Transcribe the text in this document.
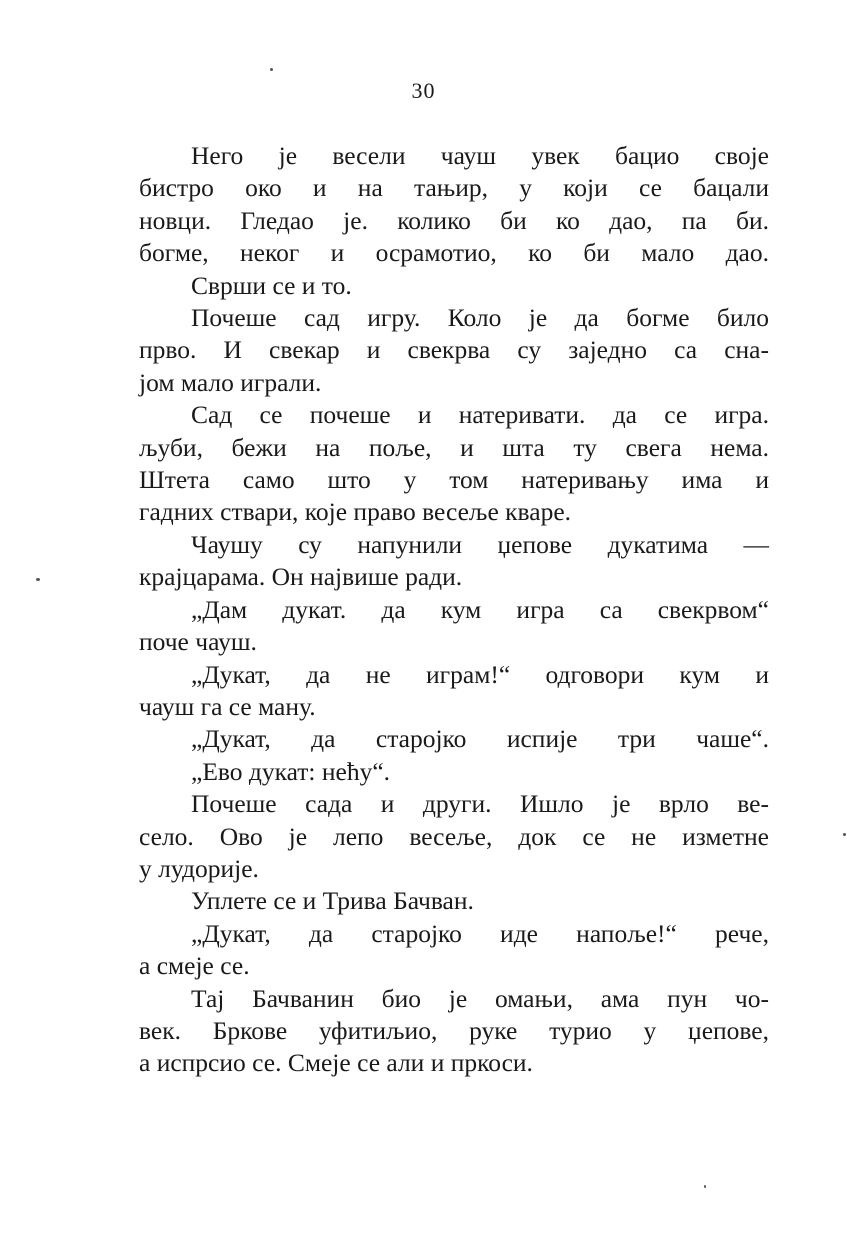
30
Него је весели чауш увек бацио своје
бистро око и на тањир, у који се бацали
новци. Гледао је. колико би ко дао, па би.
богме, неког и осрамотио, ко би мало дао.
Сврши се и то.
Почеше сад игру. Коло је да богме било
прво. И свекар и свекрва су заједно са сна-
јом мало играли.
Сад се почеше и натеривати. да се игра.
љуби, бежи на поље, и шта ту свега нема.
Штета само што у том натеривању има и
гадних ствари, које право весеље кваре.
Чаушу су напунили џепове дукатима —
крајцарама. Он највише ради.
„Дам дукат. да кум игра са свекрвом“
поче чауш.
„Дукат, да не играм!“ одговори кум и
чауш га се ману.
„Дукат, да старојко испије три чаше“.
„Ево дукат: нећу“.
Почеше сада и други. Ишло је врло ве-
село. Ово је лепо весеље, док се не изметне
у лудорије.
Уплете се и Трива Бачван.
„Дукат, да старојко иде напоље!“ рече,
а смеје се.
Тај Бачванин био је омањи, ама пун чо-
век. Бркове уфитиљио, руке турио у џепове,
а испрсио се. Смеје се али и пркоси.
